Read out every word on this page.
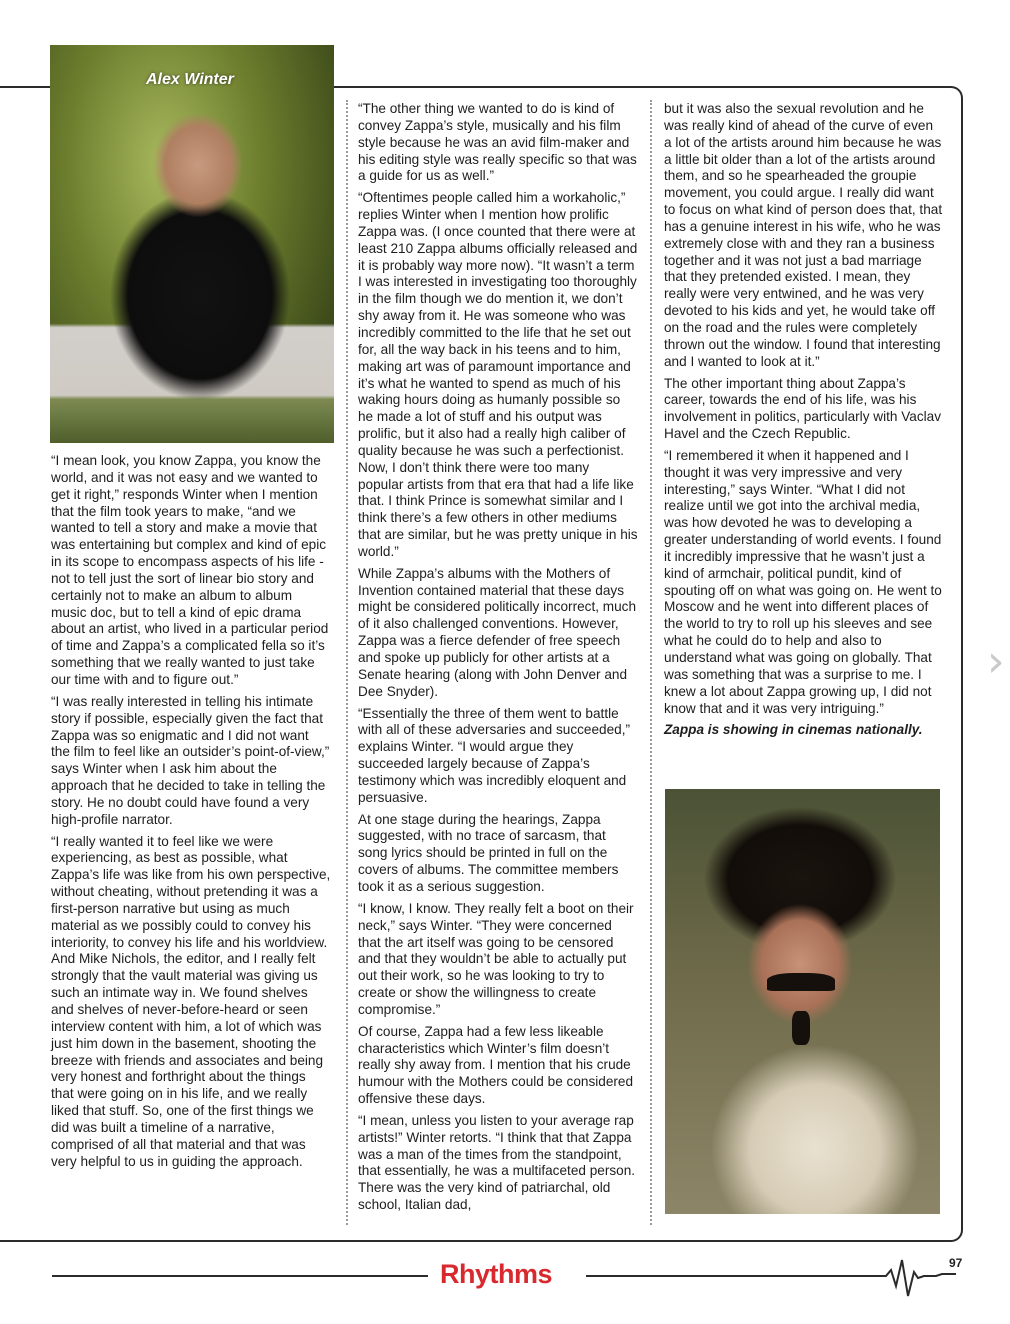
Alex Winter

“I mean look, you know Zappa, you know the world, and it was not easy and we wanted to get it right,” responds Winter when I mention that the film took years to make, “and we wanted to tell a story and make a movie that was entertaining but complex and kind of epic in its scope to encompass aspects of his life - not to tell just the sort of linear bio story and certainly not to make an album to album music doc, but to tell a kind of epic drama about an artist, who lived in a particular period of time and Zappa’s a complicated fella so it’s something that we really wanted to just take our time with and to figure out.”

“I was really interested in telling his intimate story if possible, especially given the fact that Zappa was so enigmatic and I did not want the film to feel like an outsider’s point-of-view,” says Winter when I ask him about the approach that he decided to take in telling the story. He no doubt could have found a very high-profile narrator.

“I really wanted it to feel like we were experiencing, as best as possible, what Zappa’s life was like from his own perspective, without cheating, without pretending it was a first-person narrative but using as much material as we possibly could to convey his interiority, to convey his life and his worldview. And Mike Nichols, the editor, and I really felt strongly that the vault material was giving us such an intimate way in. We found shelves and shelves of never-before-heard or seen interview content with him, a lot of which was just him down in the basement, shooting the breeze with friends and associates and being very honest and forthright about the things that were going on in his life, and we really liked that stuff. So, one of the first things we did was built a timeline of a narrative, comprised of all that material and that was very helpful to us in guiding the approach.

“The other thing we wanted to do is kind of convey Zappa’s style, musically and his film style because he was an avid film-maker and his editing style was really specific so that was a guide for us as well.”

“Oftentimes people called him a workaholic,” replies Winter when I mention how prolific Zappa was. (I once counted that there were at least 210 Zappa albums officially released and it is probably way more now). “It wasn’t a term I was interested in investigating too thoroughly in the film though we do mention it, we don’t shy away from it. He was someone who was incredibly committed to the life that he set out for, all the way back in his teens and to him, making art was of paramount importance and it’s what he wanted to spend as much of his waking hours doing as humanly possible so he made a lot of stuff and his output was prolific, but it also had a really high caliber of quality because he was such a perfectionist. Now, I don’t think there were too many popular artists from that era that had a life like that. I think Prince is somewhat similar and I think there’s a few others in other mediums that are similar, but he was pretty unique in his world.”

While Zappa’s albums with the Mothers of Invention contained material that these days might be considered politically incorrect, much of it also challenged conventions. However, Zappa was a fierce defender of free speech and spoke up publicly for other artists at a Senate hearing (along with John Denver and Dee Snyder).

“Essentially the three of them went to battle with all of these adversaries and succeeded,” explains Winter. “I would argue they succeeded largely because of Zappa’s testimony which was incredibly eloquent and persuasive.

At one stage during the hearings, Zappa suggested, with no trace of sarcasm, that song lyrics should be printed in full on the covers of albums. The committee members took it as a serious suggestion.

“I know, I know. They really felt a boot on their neck,” says Winter. “They were concerned that the art itself was going to be censored and that they wouldn’t be able to actually put out their work, so he was looking to try to create or show the willingness to create compromise.”

Of course, Zappa had a few less likeable characteristics which Winter’s film doesn’t really shy away from. I mention that his crude humour with the Mothers could be considered offensive these days.

“I mean, unless you listen to your average rap artists!” Winter retorts. “I think that that Zappa was a man of the times from the standpoint, that essentially, he was a multifaceted person. There was the very kind of patriarchal, old school, Italian dad,

but it was also the sexual revolution and he was really kind of ahead of the curve of even a lot of the artists around him because he was a little bit older than a lot of the artists around them, and so he spearheaded the groupie movement, you could argue. I really did want to focus on what kind of person does that, that has a genuine interest in his wife, who he was extremely close with and they ran a business together and it was not just a bad marriage that they pretended existed. I mean, they really were very entwined, and he was very devoted to his kids and yet, he would take off on the road and the rules were completely thrown out the window. I found that interesting and I wanted to look at it.”

The other important thing about Zappa’s career, towards the end of his life, was his involvement in politics, particularly with Vaclav Havel and the Czech Republic.

“I remembered it when it happened and I thought it was very impressive and very interesting,” says Winter. “What I did not realize until we got into the archival media, was how devoted he was to developing a greater understanding of world events. I found it incredibly impressive that he wasn’t just a kind of armchair, political pundit, kind of spouting off on what was going on. He went to Moscow and he went into different places of the world to try to roll up his sleeves and see what he could do to help and also to understand what was going on globally. That was something that was a surprise to me. I knew a lot about Zappa growing up, I did not know that and it was very intriguing.”

Zappa is showing in cinemas nationally.

›
Rhythms	97
